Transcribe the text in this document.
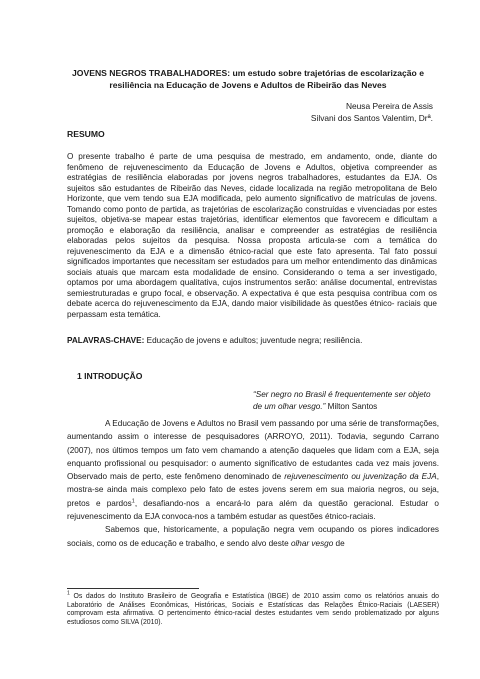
JOVENS NEGROS TRABALHADORES: um estudo sobre trajetórias de escolarização e resiliência na Educação de Jovens e Adultos de Ribeirão das Neves
Neusa Pereira de Assis
Silvani dos Santos Valentim, Drª.
RESUMO
O presente trabalho é parte de uma pesquisa de mestrado, em andamento, onde, diante do fenômeno de rejuvenescimento da Educação de Jovens e Adultos, objetiva compreender as estratégias de resiliência elaboradas por jovens negros trabalhadores, estudantes da EJA. Os sujeitos são estudantes de Ribeirão das Neves, cidade localizada na região metropolitana de Belo Horizonte, que vem tendo sua EJA modificada, pelo aumento significativo de matrículas de jovens. Tomando como ponto de partida, as trajetórias de escolarização construídas e vivenciadas por estes sujeitos, objetiva-se mapear estas trajetórias, identificar elementos que favorecem e dificultam a promoção e elaboração da resiliência, analisar e compreender as estratégias de resiliência elaboradas pelos sujeitos da pesquisa. Nossa proposta articula-se com a temática do rejuvenescimento da EJA e a dimensão étnico-racial que este fato apresenta. Tal fato possui significados importantes que necessitam ser estudados para um melhor entendimento das dinâmicas sociais atuais que marcam esta modalidade de ensino. Considerando o tema a ser investigado, optamos por uma abordagem qualitativa, cujos instrumentos serão: análise documental, entrevistas semiestruturadas e grupo focal, e observação. A expectativa é que esta pesquisa contribua com os debate acerca do rejuvenescimento da EJA, dando maior visibilidade às questões étnico- raciais que perpassam esta temática.
PALAVRAS-CHAVE: Educação de jovens e adultos; juventude negra; resiliência.
1 INTRODUÇÃO
“Ser negro no Brasil é frequentemente ser objeto de um olhar vesgo.” Milton Santos

A Educação de Jovens e Adultos no Brasil vem passando por uma série de transformações, aumentando assim o interesse de pesquisadores (ARROYO, 2011). Todavia, segundo Carrano (2007), nos últimos tempos um fato vem chamando a atenção daqueles que lidam com a EJA, seja enquanto profissional ou pesquisador: o aumento significativo de estudantes cada vez mais jovens. Observado mais de perto, este fenômeno denominado de rejuvenescimento ou juvenização da EJA, mostra-se ainda mais complexo pelo fato de estes jovens serem em sua maioria negros, ou seja, pretos e pardos$^1$, desafiando-nos a encará-lo para além da questão geracional. Estudar o rejuvenescimento da EJA convoca-nos a também estudar as questões étnico-raciais.

Sabemos que, historicamente, a população negra vem ocupando os piores indicadores sociais, como os de educação e trabalho, e sendo alvo deste olhar vesgo de

$^1$ Os dados do Instituto Brasileiro de Geografia e Estatística (IBGE) de 2010 assim como os relatórios anuais do Laboratório de Análises Econômicas, Históricas, Sociais e Estatísticas das Relações Étnico-Raciais (LAESER) comprovam esta afirmativa. O pertencimento étnico-racial destes estudantes vem sendo problematizado por alguns estudiosos como SILVA (2010).
